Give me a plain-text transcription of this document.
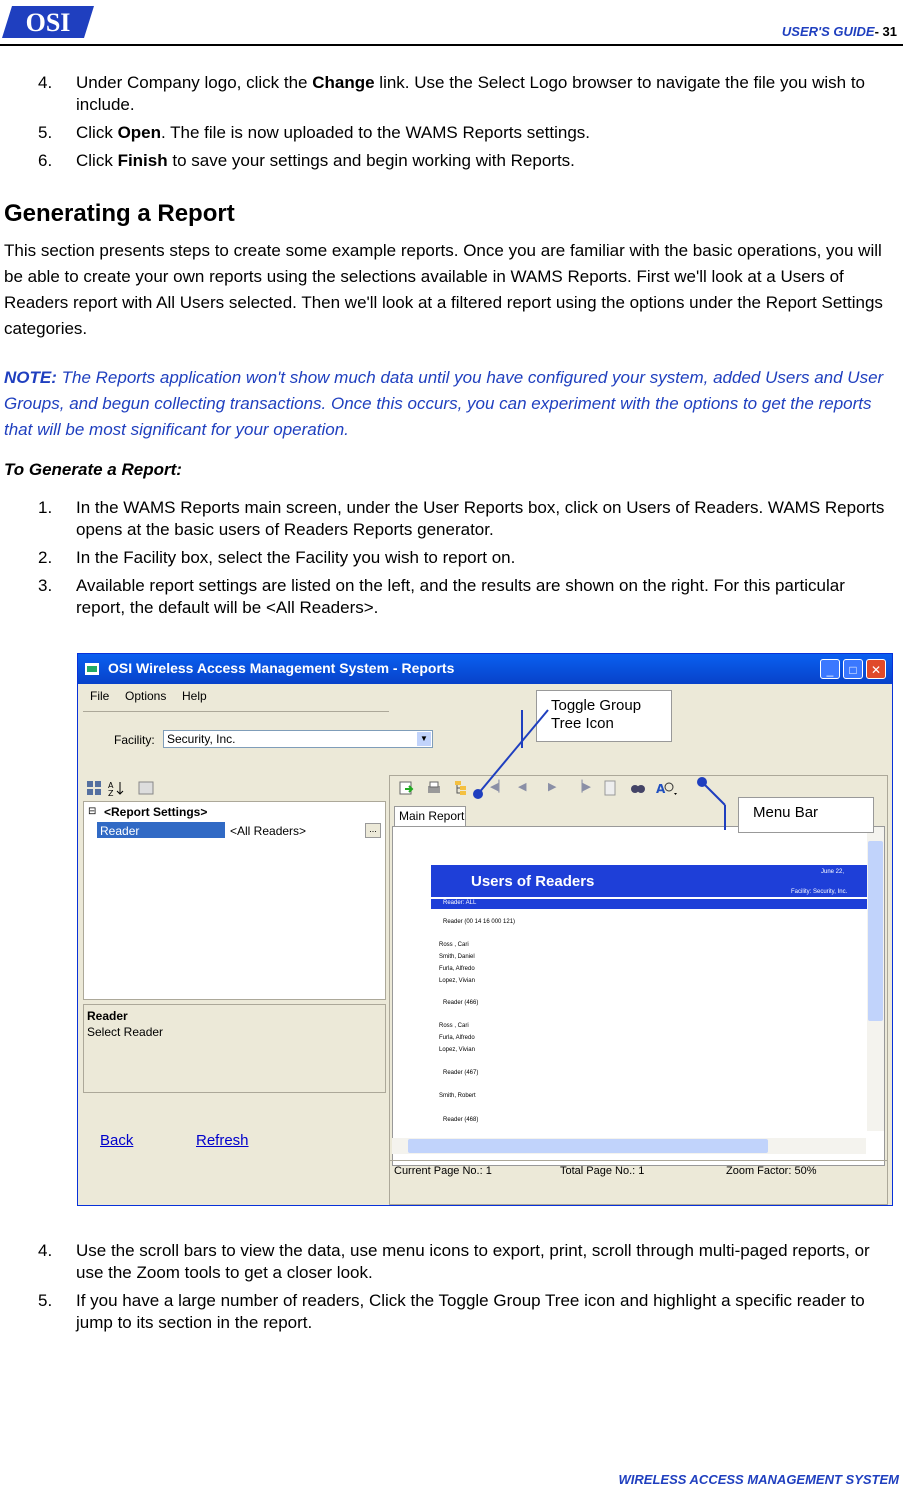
OSI	USER'S GUIDE- 31
4. Under Company logo, click the Change link. Use the Select Logo browser to navigate the file you wish to include.
5. Click Open. The file is now uploaded to the WAMS Reports settings.
6. Click Finish to save your settings and begin working with Reports.
Generating a Report
This section presents steps to create some example reports. Once you are familiar with the basic operations, you will be able to create your own reports using the selections available in WAMS Reports. First we'll look at a Users of Readers report with All Users selected. Then we'll look at a filtered report using the options under the Report Settings categories.
NOTE: The Reports application won't show much data until you have configured your system, added Users and User Groups, and begun collecting transactions. Once this occurs, you can experiment with the options to get the reports that will be most significant for your operation.
To Generate a Report:
1. In the WAMS Reports main screen, under the User Reports box, click on Users of Readers. WAMS Reports opens at the basic users of Readers Reports generator.
2. In the Facility box, select the Facility you wish to report on.
3. Available report settings are listed on the left, and the results are shown on the right. For this particular report, the default will be <All Readers>.
OSI Wireless Access Management System - Reports	_	□	✕
File Options Help
Facility:	Security, Inc.	▼
A
Z
⊟ <Report Settings>
Reader	<All Readers>	...
Reader
Select Reader
Back	Refresh
◀▏ ◀ ▶ ▕▶	A
Main Report
Users of Readers
June 22,
Facility: Security, Inc.
Reader: ALL
Reader (00 14 16 000 121)
Ross , Cari
Smith, Daniel
Furla, Alfredo
Lopez, Vivian
Reader (466)
Ross , Cari
Furla, Alfredo
Lopez, Vivian
Reader (467)
Smith, Robert
Reader (468)
Current Page No.: 1	Total Page No.: 1	Zoom Factor: 50%
Toggle Group
Tree Icon
Menu Bar
4. Use the scroll bars to view the data, use menu icons to export, print, scroll through multi-paged reports, or use the Zoom tools to get a closer look.
5. If you have a large number of readers, Click the Toggle Group Tree icon and highlight a specific reader to jump to its section in the report.
WIRELESS ACCESS MANAGEMENT SYSTEM
